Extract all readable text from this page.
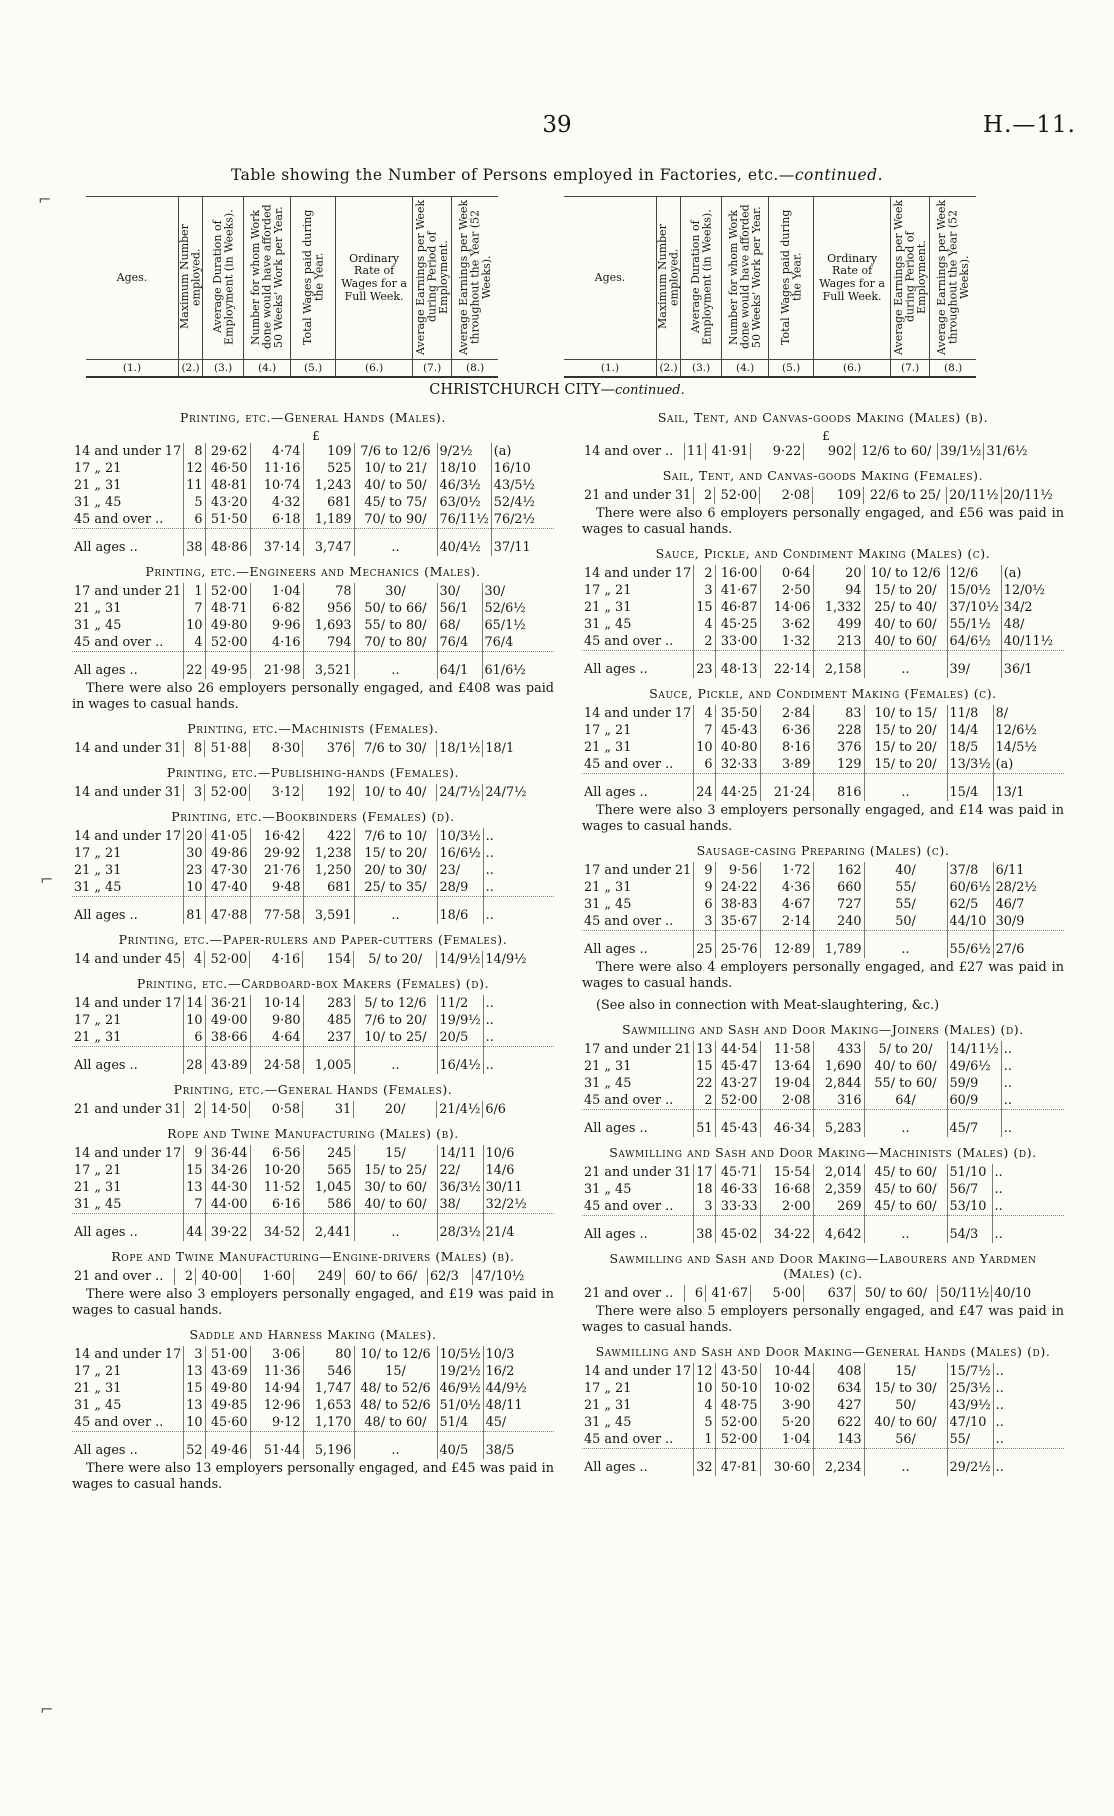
39	H.—11.
Table showing the Number of Persons employed in Factories, etc.—continued.
Ages.	Maximum Number employed.	Average Duration of Employment (in Weeks).	Number for whom Work done would have afforded 50 Weeks' Work per Year.	Total Wages paid during the Year.	Ordinary Rate of Wages for a Full Week.	Average Earnings per Week during Period of Employment.	Average Earnings per Week throughout the Year (52 Weeks).
(1.)	(2.)	(3.)	(4.)	(5.)	(6.)	(7.)	(8.)
Ages.	Maximum Number employed.	Average Duration of Employment (in Weeks).	Number for whom Work done would have afforded 50 Weeks' Work per Year.	Total Wages paid during the Year.	Ordinary Rate of Wages for a Full Week.	Average Earnings per Week during Period of Employment.	Average Earnings per Week throughout the Year (52 Weeks).
(1.)	(2.)	(3.)	(4.)	(5.)	(6.)	(7.)	(8.)
CHRISTCHURCH CITY—continued.
Printing, etc.—General Hands (Males).
£
14 and under 17	8	29·62	4·74	109	7/6 to 12/6	9/2½	(a)
17 „ 21	12	46·50	11·16	525	10/ to 21/	18/10	16/10
21 „ 31	11	48·81	10·74	1,243	40/ to 50/	46/3½	43/5½
31 „ 45	5	43·20	4·32	681	45/ to 75/	63/0½	52/4½
45 and over ..	6	51·50	6·18	1,189	70/ to 90/	76/11½	76/2½
All ages ..	38	48·86	37·14	3,747	..	40/4½	37/11
Printing, etc.—Engineers and Mechanics (Males).
17 and under 21	1	52·00	1·04	78	30/	30/	30/
21 „ 31	7	48·71	6·82	956	50/ to 66/	56/1	52/6½
31 „ 45	10	49·80	9·96	1,693	55/ to 80/	68/	65/1½
45 and over ..	4	52·00	4·16	794	70/ to 80/	76/4	76/4
All ages ..	22	49·95	21·98	3,521	..	64/1	61/6½
There were also 26 employers personally engaged, and £408 was paid in wages to casual hands.
Printing, etc.—Machinists (Females).
14 and under 31	8	51·88	8·30	376	7/6 to 30/	18/1½	18/1
Printing, etc.—Publishing-hands (Females).
14 and under 31	3	52·00	3·12	192	10/ to 40/	24/7½	24/7½
Printing, etc.—Bookbinders (Females) (d).
14 and under 17	20	41·05	16·42	422	7/6 to 10/	10/3½	..
17 „ 21	30	49·86	29·92	1,238	15/ to 20/	16/6½	..
21 „ 31	23	47·30	21·76	1,250	20/ to 30/	23/	..
31 „ 45	10	47·40	9·48	681	25/ to 35/	28/9	..
All ages ..	81	47·88	77·58	3,591	..	18/6	..
Printing, etc.—Paper-rulers and Paper-cutters (Females).
14 and under 45	4	52·00	4·16	154	5/ to 20/	14/9½	14/9½
Printing, etc.—Cardboard-box Makers (Females) (d).
14 and under 17	14	36·21	10·14	283	5/ to 12/6	11/2	..
17 „ 21	10	49·00	9·80	485	7/6 to 20/	19/9½	..
21 „ 31	6	38·66	4·64	237	10/ to 25/	20/5	..
All ages ..	28	43·89	24·58	1,005	..	16/4½	..
Printing, etc.—General Hands (Females).
21 and under 31	2	14·50	0·58	31	20/	21/4½	6/6
Rope and Twine Manufacturing (Males) (b).
14 and under 17	9	36·44	6·56	245	15/	14/11	10/6
17 „ 21	15	34·26	10·20	565	15/ to 25/	22/	14/6
21 „ 31	13	44·30	11·52	1,045	30/ to 60/	36/3½	30/11
31 „ 45	7	44·00	6·16	586	40/ to 60/	38/	32/2½
All ages ..	44	39·22	34·52	2,441	..	28/3½	21/4
Rope and Twine Manufacturing—Engine-drivers (Males) (b).
21 and over ..	2	40·00	1·60	249	60/ to 66/	62/3	47/10½
There were also 3 employers personally engaged, and £19 was paid in wages to casual hands.
Saddle and Harness Making (Males).
14 and under 17	3	51·00	3·06	80	10/ to 12/6	10/5½	10/3
17 „ 21	13	43·69	11·36	546	15/	19/2½	16/2
21 „ 31	15	49·80	14·94	1,747	48/ to 52/6	46/9½	44/9½
31 „ 45	13	49·85	12·96	1,653	48/ to 52/6	51/0½	48/11
45 and over ..	10	45·60	9·12	1,170	48/ to 60/	51/4	45/
All ages ..	52	49·46	51·44	5,196	..	40/5	38/5
There were also 13 employers personally engaged, and £45 was paid in wages to casual hands.
Sail, Tent, and Canvas-goods Making (Males) (b).
£
14 and over ..	11	41·91	9·22	902	12/6 to 60/	39/1½	31/6½
Sail, Tent, and Canvas-goods Making (Females).
21 and under 31	2	52·00	2·08	109	22/6 to 25/	20/11½	20/11½
There were also 6 employers personally engaged, and £56 was paid in wages to casual hands.
Sauce, Pickle, and Condiment Making (Males) (c).
14 and under 17	2	16·00	0·64	20	10/ to 12/6	12/6	(a)
17 „ 21	3	41·67	2·50	94	15/ to 20/	15/0½	12/0½
21 „ 31	15	46·87	14·06	1,332	25/ to 40/	37/10½	34/2
31 „ 45	4	45·25	3·62	499	40/ to 60/	55/1½	48/
45 and over ..	2	33·00	1·32	213	40/ to 60/	64/6½	40/11½
All ages ..	23	48·13	22·14	2,158	..	39/	36/1
Sauce, Pickle, and Condiment Making (Females) (c).
14 and under 17	4	35·50	2·84	83	10/ to 15/	11/8	8/
17 „ 21	7	45·43	6·36	228	15/ to 20/	14/4	12/6½
21 „ 31	10	40·80	8·16	376	15/ to 20/	18/5	14/5½
45 and over ..	6	32·33	3·89	129	15/ to 20/	13/3½	(a)
All ages ..	24	44·25	21·24	816	..	15/4	13/1
There were also 3 employers personally engaged, and £14 was paid in wages to casual hands.
Sausage-casing Preparing (Males) (c).
17 and under 21	9	9·56	1·72	162	40/	37/8	6/11
21 „ 31	9	24·22	4·36	660	55/	60/6½	28/2½
31 „ 45	6	38·83	4·67	727	55/	62/5	46/7
45 and over ..	3	35·67	2·14	240	50/	44/10	30/9
All ages ..	25	25·76	12·89	1,789	..	55/6½	27/6
There were also 4 employers personally engaged, and £27 was paid in wages to casual hands.
(See also in connection with Meat-slaughtering, &c.)
Sawmilling and Sash and Door Making—Joiners (Males) (d).
17 and under 21	13	44·54	11·58	433	5/ to 20/	14/11½	..
21 „ 31	15	45·47	13·64	1,690	40/ to 60/	49/6½	..
31 „ 45	22	43·27	19·04	2,844	55/ to 60/	59/9	..
45 and over ..	2	52·00	2·08	316	64/	60/9	..
All ages ..	51	45·43	46·34	5,283	..	45/7	..
Sawmilling and Sash and Door Making—Machinists (Males) (d).
21 and under 31	17	45·71	15·54	2,014	45/ to 60/	51/10	..
31 „ 45	18	46·33	16·68	2,359	45/ to 60/	56/7	..
45 and over ..	3	33·33	2·00	269	45/ to 60/	53/10	..
All ages ..	38	45·02	34·22	4,642	..	54/3	..
Sawmilling and Sash and Door Making—Labourers and Yardmen (Males) (c).
21 and over ..	6	41·67	5·00	637	50/ to 60/	50/11½	40/10
There were also 5 employers personally engaged, and £47 was paid in wages to casual hands.
Sawmilling and Sash and Door Making—General Hands (Males) (d).
14 and under 17	12	43·50	10·44	408	15/	15/7½	..
17 „ 21	10	50·10	10·02	634	15/ to 30/	25/3½	..
21 „ 31	4	48·75	3·90	427	50/	43/9½	..
31 „ 45	5	52·00	5·20	622	40/ to 60/	47/10	..
45 and over ..	1	52·00	1·04	143	56/	55/	..
All ages ..	32	47·81	30·60	2,234	..	29/2½	..
⌐
⌐
⌐
